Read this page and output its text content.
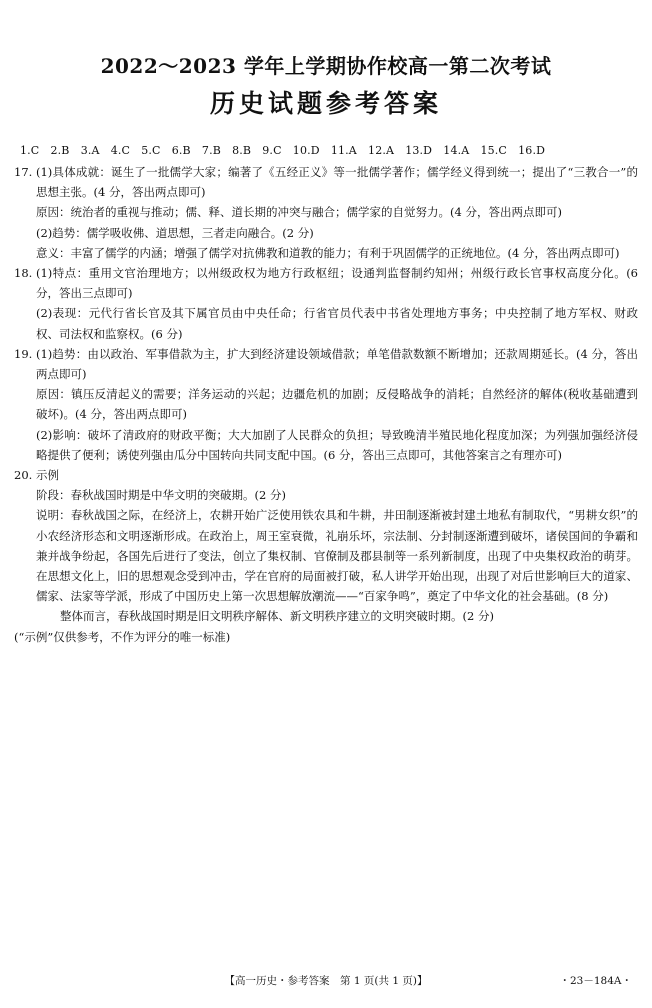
2022～2023 学年上学期协作校高一第二次考试
历史试题参考答案
1.C　2.B　3.A　4.C　5.C　6.B　7.B　8.B　9.C　10.D　11.A　12.A　13.D　14.A　15.C　16.D
17. (1)具体成就：诞生了一批儒学大家；编著了《五经正义》等一批儒学著作；儒学经义得到统一；提出了“三教合一”的思想主张。(4 分，答出两点即可)

原因：统治者的重视与推动；儒、释、道长期的冲突与融合；儒学家的自觉努力。(4 分，答出两点即可)

(2)趋势：儒学吸收佛、道思想，三者走向融合。(2 分)

意义：丰富了儒学的内涵；增强了儒学对抗佛教和道教的能力；有利于巩固儒学的正统地位。(4 分，答出两点即可)

18. (1)特点：重用文官治理地方；以州级政权为地方行政枢纽；设通判监督制约知州；州级行政长官事权高度分化。(6 分，答出三点即可)

(2)表现：元代行省长官及其下属官员由中央任命；行省官员代表中书省处理地方事务；中央控制了地方军权、财政权、司法权和监察权。(6 分)

19. (1)趋势：由以政治、军事借款为主，扩大到经济建设领域借款；单笔借款数额不断增加；还款周期延长。(4 分，答出两点即可)

原因：镇压反清起义的需要；洋务运动的兴起；边疆危机的加剧；反侵略战争的消耗；自然经济的解体(税收基础遭到破坏)。(4 分，答出两点即可)

(2)影响：破坏了清政府的财政平衡；大大加剧了人民群众的负担；导致晚清半殖民地化程度加深；为列强加强经济侵略提供了便利；诱使列强由瓜分中国转向共同支配中国。(6 分，答出三点即可，其他答案言之有理亦可)

20. 示例

阶段：春秋战国时期是中华文明的突破期。(2 分)

说明：春秋战国之际，在经济上，农耕开始广泛使用铁农具和牛耕，井田制逐渐被封建土地私有制取代，“男耕女织”的小农经济形态和文明逐渐形成。在政治上，周王室衰微，礼崩乐坏，宗法制、分封制逐渐遭到破坏，诸侯国间的争霸和兼并战争纷起，各国先后进行了变法，创立了集权制、官僚制及郡县制等一系列新制度，出现了中央集权政治的萌芽。在思想文化上，旧的思想观念受到冲击，学在官府的局面被打破，私人讲学开始出现，出现了对后世影响巨大的道家、儒家、法家等学派，形成了中国历史上第一次思想解放潮流——“百家争鸣”，奠定了中华文化的社会基础。(8 分)

整体而言，春秋战国时期是旧文明秩序解体、新文明秩序建立的文明突破时期。(2 分)

(“示例”仅供参考，不作为评分的唯一标准)

【高一历史・参考答案　第 1 页(共 1 页)】	・23－184A・
